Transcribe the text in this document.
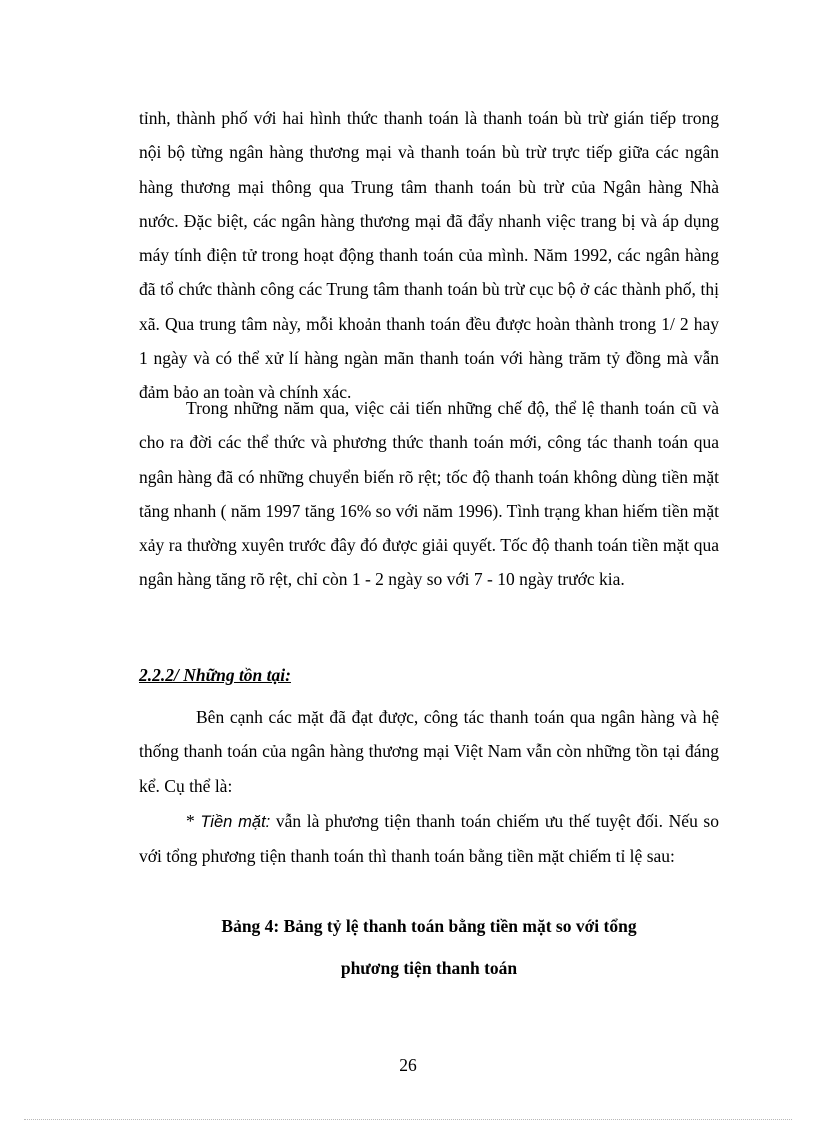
tỉnh, thành phố với hai hình thức thanh toán là thanh toán bù trừ gián tiếp trong nội bộ từng ngân hàng thương mại và thanh toán bù trừ trực tiếp giữa các ngân hàng thương mại thông qua Trung tâm thanh toán bù trừ của Ngân hàng Nhà nước. Đặc biệt, các ngân hàng thương mại đã đẩy nhanh việc trang bị và áp dụng máy tính điện tử trong hoạt động thanh toán của mình. Năm 1992, các ngân hàng đã tổ chức thành công các Trung tâm thanh toán bù trừ cục bộ ở các thành phố, thị xã. Qua trung tâm này, mỗi khoản thanh toán đều được hoàn thành trong 1/ 2 hay 1 ngày và có thể xử lí hàng ngàn mãn thanh toán với hàng trăm tỷ đồng mà vẫn đảm bảo an toàn và chính xác.

Trong những năm qua, việc cải tiến những chế độ, thể lệ thanh toán cũ và cho ra đời các thể thức và phương thức thanh toán mới, công tác thanh toán qua ngân hàng đã có những chuyển biến rõ rệt; tốc độ thanh toán không dùng tiền mặt tăng nhanh ( năm 1997 tăng 16% so với năm 1996). Tình trạng khan hiếm tiền mặt xảy ra thường xuyên trước đây đó được giải quyết. Tốc độ thanh toán tiền mặt qua ngân hàng tăng rõ rệt, chỉ còn 1 - 2 ngày so với 7 - 10 ngày trước kia.

2.2.2/ Những tồn tại:

Bên cạnh các mặt đã đạt được, công tác thanh toán qua ngân hàng và hệ thống thanh toán của ngân hàng thương mại Việt Nam vẫn còn những tồn tại đáng kể. Cụ thể là:

* Tiền mặt: vẫn là phương tiện thanh toán chiếm ưu thế tuyệt đối. Nếu so với tổng phương tiện thanh toán thì thanh toán bằng tiền mặt chiếm tỉ lệ sau:

Bảng 4: Bảng tỷ lệ thanh toán bằng tiền mặt so với tổng
phương tiện thanh toán
26
